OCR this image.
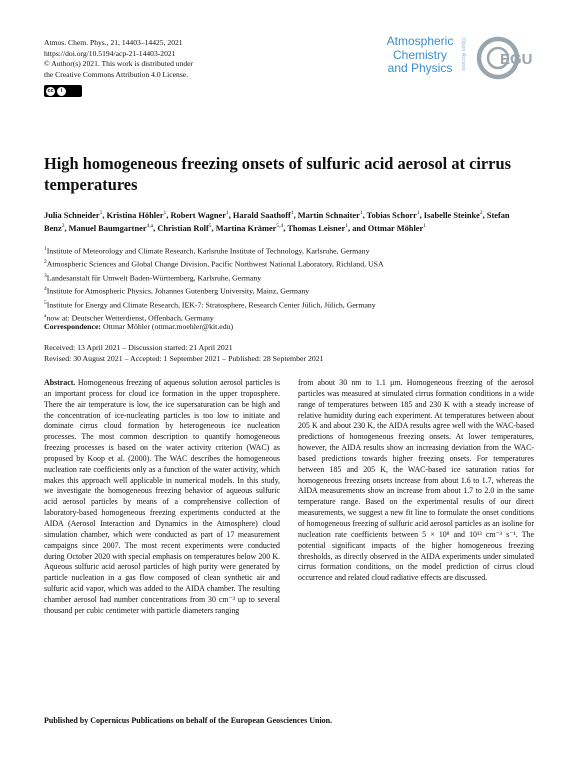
Atmos. Chem. Phys., 21, 14403–14425, 2021
https://doi.org/10.5194/acp-21-14403-2021
© Author(s) 2021. This work is distributed under
the Creative Commons Attribution 4.0 License.
cc	i
Atmospheric
Chemistry
and Physics	Open Access EGU
High homogeneous freezing onsets of sulfuric acid aerosol at cirrus temperatures
Julia Schneider$^1$, Kristina Höhler$^1$, Robert Wagner$^1$, Harald Saathoff$^1$, Martin Schnaiter$^1$, Tobias Schorr$^1$, Isabelle Steinke$^2$, Stefan Benz$^3$, Manuel Baumgartner$^{4,a}$, Christian Rolf$^5$, Martina Krämer$^{5,4}$, Thomas Leisner$^1$, and Ottmar Möhler$^1$
$^1$Institute of Meteorology and Climate Research, Karlsruhe Institute of Technology, Karlsruhe, Germany
$^2$Atmospheric Sciences and Global Change Division, Pacific Northwest National Laboratory, Richland, USA
$^3$Landesanstalt für Umwelt Baden-Württemberg, Karlsruhe, Germany
$^4$Institute for Atmospheric Physics, Johannes Gutenberg University, Mainz, Germany
$^5$Institute for Energy and Climate Research, IEK-7: Stratosphere, Research Center Jülich, Jülich, Germany
$^a$now at: Deutscher Wetterdienst, Offenbach, Germany
Correspondence: Ottmar Möhler (ottmar.moehler@kit.edu)
Received: 13 April 2021 – Discussion started: 21 April 2021
Revised: 30 August 2021 – Accepted: 1 September 2021 – Published: 28 September 2021
Abstract. Homogeneous freezing of aqueous solution aerosol particles is an important process for cloud ice formation in the upper troposphere. There the air temperature is low, the ice supersaturation can be high and the concentration of ice-nucleating particles is too low to initiate and dominate cirrus cloud formation by heterogeneous ice nucleation processes. The most common description to quantify homogeneous freezing processes is based on the water activity criterion (WAC) as proposed by Koop et al. (2000). The WAC describes the homogeneous nucleation rate coefficients only as a function of the water activity, which makes this approach well applicable in numerical models. In this study, we investigate the homogeneous freezing behavior of aqueous sulfuric acid aerosol particles by means of a comprehensive collection of laboratory-based homogeneous freezing experiments conducted at the AIDA (Aerosol Interaction and Dynamics in the Atmosphere) cloud simulation chamber, which were conducted as part of 17 measurement campaigns since 2007. The most recent experiments were conducted during October 2020 with special emphasis on temperatures below 200 K. Aqueous sulfuric acid aerosol particles of high purity were generated by particle nucleation in a gas flow composed of clean synthetic air and sulfuric acid vapor, which was added to the AIDA chamber. The resulting chamber aerosol had number concentrations from 30 cm⁻³ up to several thousand per cubic centimeter with particle diameters ranging
from about 30 nm to 1.1 µm. Homogeneous freezing of the aerosol particles was measured at simulated cirrus formation conditions in a wide range of temperatures between 185 and 230 K with a steady increase of relative humidity during each experiment. At temperatures between about 205 K and about 230 K, the AIDA results agree well with the WAC-based predictions of homogeneous freezing onsets. At lower temperatures, however, the AIDA results show an increasing deviation from the WAC-based predictions towards higher freezing onsets. For temperatures between 185 and 205 K, the WAC-based ice saturation ratios for homogeneous freezing onsets increase from about 1.6 to 1.7, whereas the AIDA measurements show an increase from about 1.7 to 2.0 in the same temperature range. Based on the experimental results of our direct measurements, we suggest a new fit line to formulate the onset conditions of homogeneous freezing of sulfuric acid aerosol particles as an isoline for nucleation rate coefficients between 5 × 10⁸ and 10¹³ cm⁻³ s⁻¹. The potential significant impacts of the higher homogeneous freezing thresholds, as directly observed in the AIDA experiments under simulated cirrus formation conditions, on the model prediction of cirrus cloud occurrence and related cloud radiative effects are discussed.
Published by Copernicus Publications on behalf of the European Geosciences Union.
